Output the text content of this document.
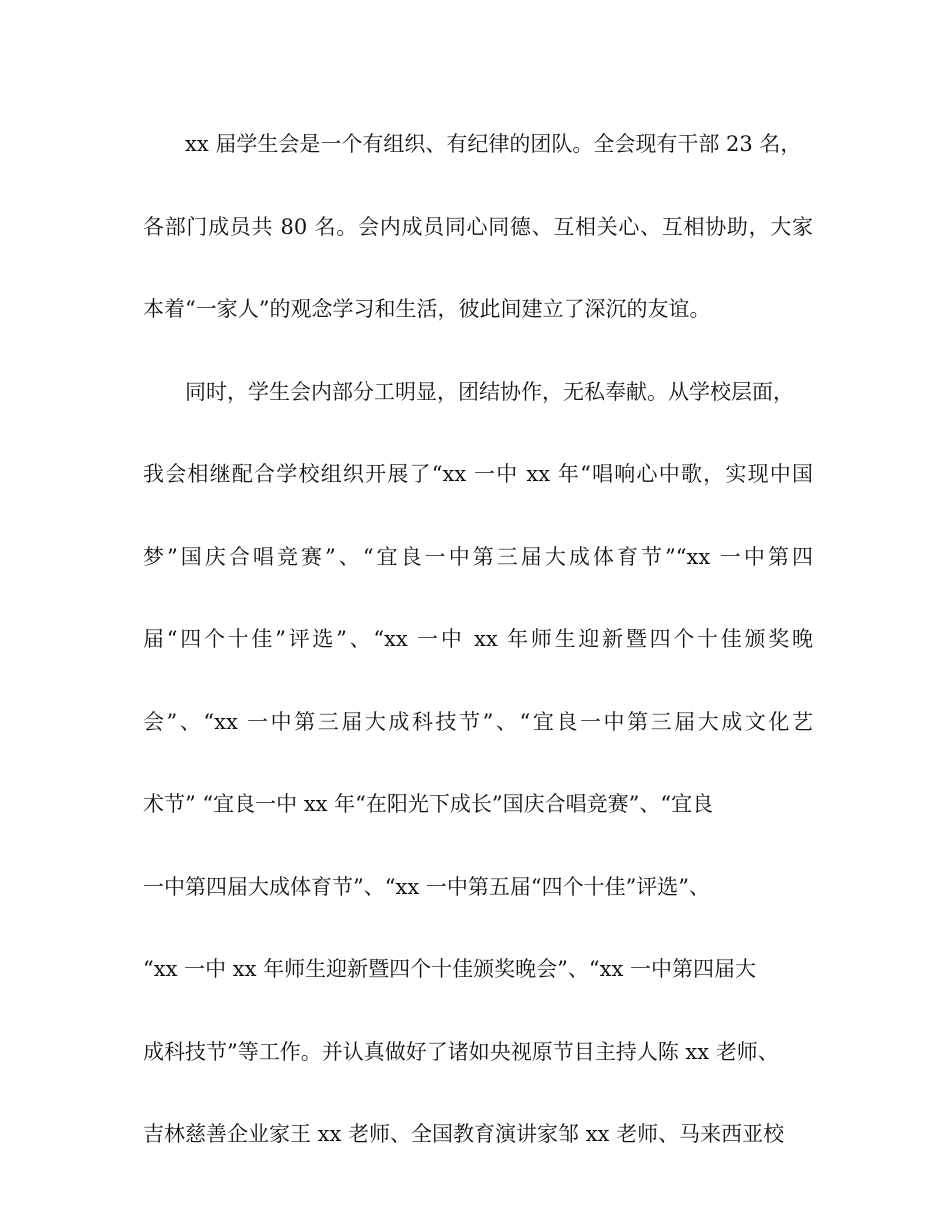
xx 届学生会是一个有组织、有纪律的团队。全会现有干部 23 名，
各部门成员共 80 名。会内成员同心同德、互相关心、互相协助，大家
本着“一家人”的观念学习和生活，彼此间建立了深沉的友谊。
同时，学生会内部分工明显，团结协作，无私奉献。从学校层面，
我会相继配合学校组织开展了“xx 一中 xx 年“唱响心中歌，实现中国
梦”国庆合唱竞赛”、“宜良一中第三届大成体育节”“xx 一中第四
届“四个十佳”评选”、“xx 一中 xx 年师生迎新暨四个十佳颁奖晚
会”、“xx 一中第三届大成科技节”、“宜良一中第三届大成文化艺
术节” “宜良一中 xx 年“在阳光下成长”国庆合唱竞赛”、“宜良
一中第四届大成体育节”、“xx 一中第五届“四个十佳”评选”、
“xx 一中 xx 年师生迎新暨四个十佳颁奖晚会”、“xx 一中第四届大
成科技节”等工作。并认真做好了诸如央视原节目主持人陈 xx 老师、
吉林慈善企业家王 xx 老师、全国教育演讲家邹 xx 老师、马来西亚校
